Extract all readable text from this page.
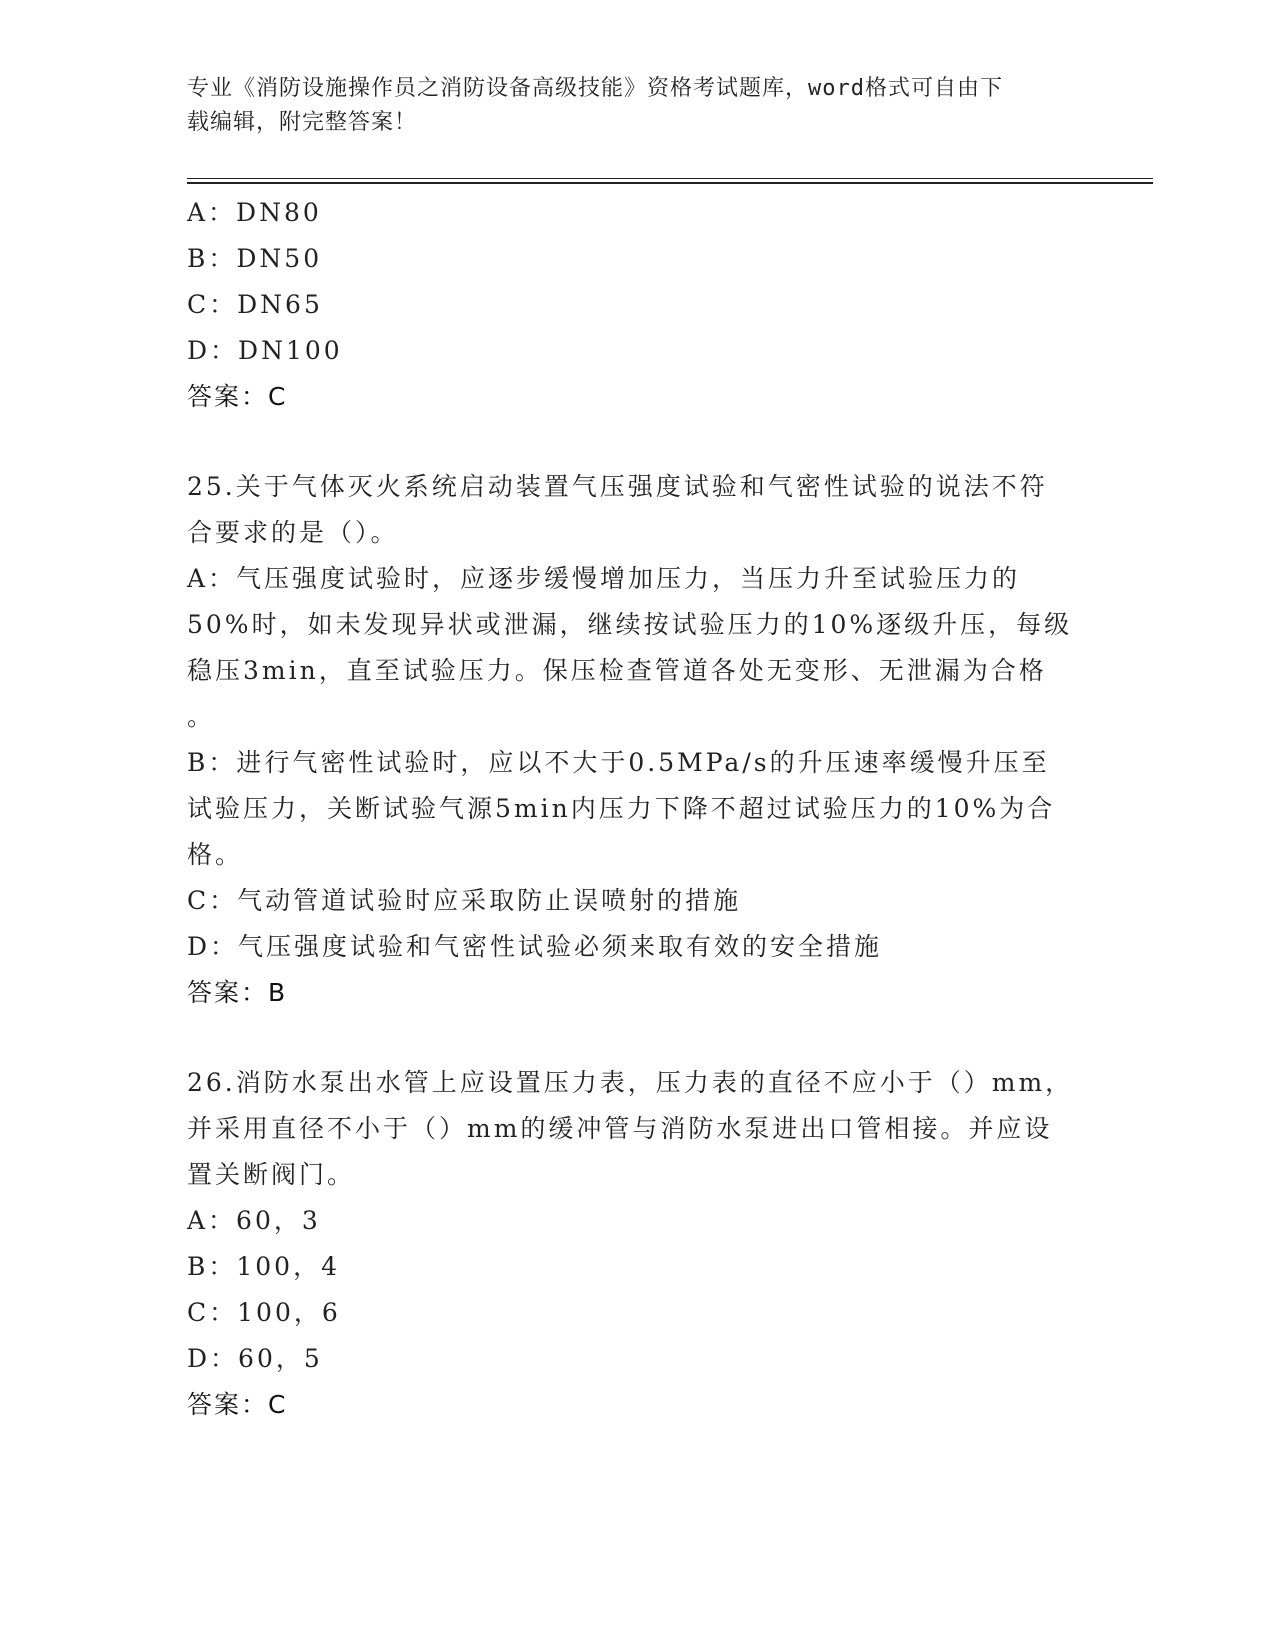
专业《消防设施操作员之消防设备高级技能》资格考试题库，word格式可自由下
载编辑，附完整答案！
A：DN80
B：DN50
C：DN65
D：DN100
答案：C
25.关于气体灭火系统启动装置气压强度试验和气密性试验的说法不符
合要求的是（）。
A：气压强度试验时，应逐步缓慢增加压力，当压力升至试验压力的
50%时，如未发现异状或泄漏，继续按试验压力的10%逐级升压，每级
稳压3min，直至试验压力。保压检查管道各处无变形、无泄漏为合格
。
B：进行气密性试验时，应以不大于0.5MPa/s的升压速率缓慢升压至
试验压力，关断试验气源5min内压力下降不超过试验压力的10%为合
格。
C：气动管道试验时应采取防止误喷射的措施
D：气压强度试验和气密性试验必须来取有效的安全措施
答案：B
26.消防水泵出水管上应设置压力表，压力表的直径不应小于（）mm，
并采用直径不小于（）mm的缓冲管与消防水泵进出口管相接。并应设
置关断阀门。
A：60，3
B：100，4
C：100，6
D：60，5
答案：C
